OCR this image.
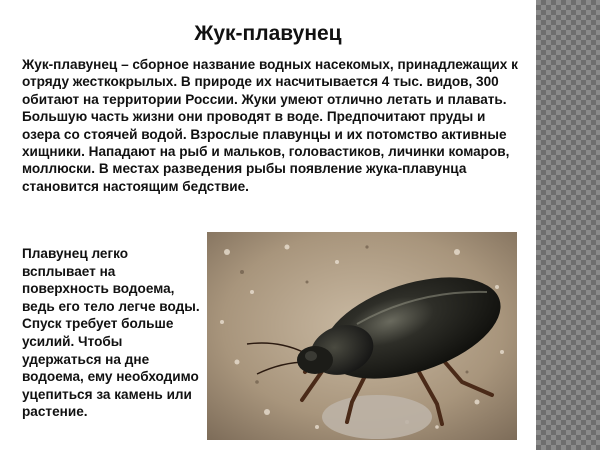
Жук-плавунец

Жук-плавунец – сборное название водных насекомых, принадлежащих к отряду жесткокрылых. В природе их насчитывается 4 тыс. видов, 300 обитают на территории России. Жуки умеют отлично летать и плавать. Большую часть жизни они проводят в воде. Предпочитают пруды и озера со стоячей водой. Взрослые плавунцы и их потомство активные хищники. Нападают на рыб и мальков, головастиков, личинки комаров, моллюски. В местах разведения рыбы появление жука-плавунца становится настоящим бедствие.

Плавунец легко всплывает на поверхность водоема, ведь его тело легче воды. Спуск требует больше усилий. Чтобы удержаться на дне водоема, ему необходимо уцепиться за камень или растение.
